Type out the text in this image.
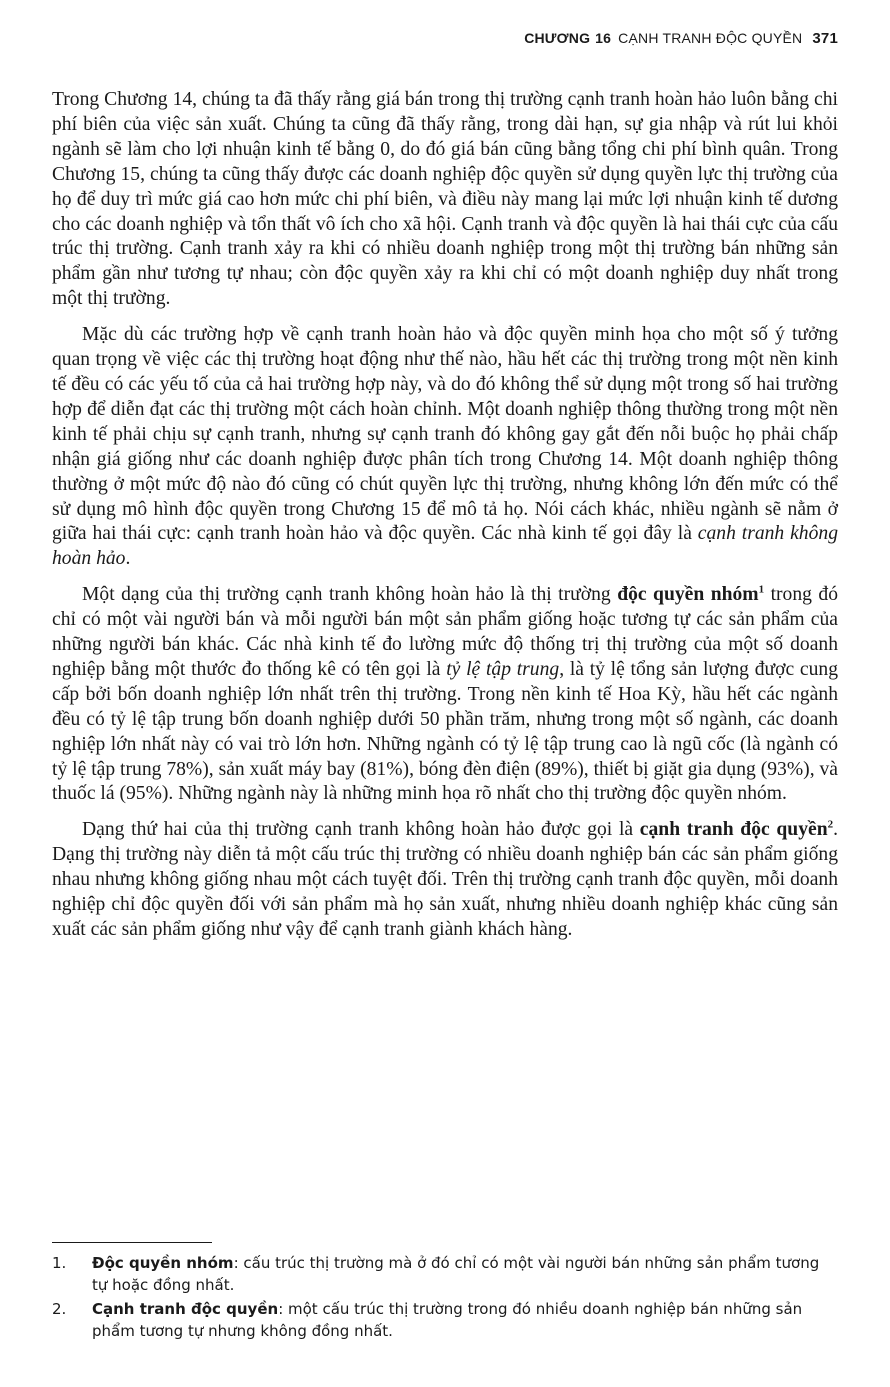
CHƯƠNG 16 CẠNH TRANH ĐỘC QUYỀN 371

Trong Chương 14, chúng ta đã thấy rằng giá bán trong thị trường cạnh tranh hoàn hảo luôn bằng chi phí biên của việc sản xuất. Chúng ta cũng đã thấy rằng, trong dài hạn, sự gia nhập và rút lui khỏi ngành sẽ làm cho lợi nhuận kinh tế bằng 0, do đó giá bán cũng bằng tổng chi phí bình quân. Trong Chương 15, chúng ta cũng thấy được các doanh nghiệp độc quyền sử dụng quyền lực thị trường của họ để duy trì mức giá cao hơn mức chi phí biên, và điều này mang lại mức lợi nhuận kinh tế dương cho các doanh nghiệp và tổn thất vô ích cho xã hội. Cạnh tranh và độc quyền là hai thái cực của cấu trúc thị trường. Cạnh tranh xảy ra khi có nhiều doanh nghiệp trong một thị trường bán những sản phẩm gần như tương tự nhau; còn độc quyền xảy ra khi chỉ có một doanh nghiệp duy nhất trong một thị trường.

Mặc dù các trường hợp về cạnh tranh hoàn hảo và độc quyền minh họa cho một số ý tưởng quan trọng về việc các thị trường hoạt động như thế nào, hầu hết các thị trường trong một nền kinh tế đều có các yếu tố của cả hai trường hợp này, và do đó không thể sử dụng một trong số hai trường hợp để diễn đạt các thị trường một cách hoàn chỉnh. Một doanh nghiệp thông thường trong một nền kinh tế phải chịu sự cạnh tranh, nhưng sự cạnh tranh đó không gay gắt đến nỗi buộc họ phải chấp nhận giá giống như các doanh nghiệp được phân tích trong Chương 14. Một doanh nghiệp thông thường ở một mức độ nào đó cũng có chút quyền lực thị trường, nhưng không lớn đến mức có thể sử dụng mô hình độc quyền trong Chương 15 để mô tả họ. Nói cách khác, nhiều ngành sẽ nằm ở giữa hai thái cực: cạnh tranh hoàn hảo và độc quyền. Các nhà kinh tế gọi đây là cạnh tranh không hoàn hảo.

Một dạng của thị trường cạnh tranh không hoàn hảo là thị trường độc quyền nhóm$^1$ trong đó chỉ có một vài người bán và mỗi người bán một sản phẩm giống hoặc tương tự các sản phẩm của những người bán khác. Các nhà kinh tế đo lường mức độ thống trị thị trường của một số doanh nghiệp bằng một thước đo thống kê có tên gọi là tỷ lệ tập trung, là tỷ lệ tổng sản lượng được cung cấp bởi bốn doanh nghiệp lớn nhất trên thị trường. Trong nền kinh tế Hoa Kỳ, hầu hết các ngành đều có tỷ lệ tập trung bốn doanh nghiệp dưới 50 phần trăm, nhưng trong một số ngành, các doanh nghiệp lớn nhất này có vai trò lớn hơn. Những ngành có tỷ lệ tập trung cao là ngũ cốc (là ngành có tỷ lệ tập trung 78%), sản xuất máy bay (81%), bóng đèn điện (89%), thiết bị giặt gia dụng (93%), và thuốc lá (95%). Những ngành này là những minh họa rõ nhất cho thị trường độc quyền nhóm.

Dạng thứ hai của thị trường cạnh tranh không hoàn hảo được gọi là cạnh tranh độc quyền$^2$. Dạng thị trường này diễn tả một cấu trúc thị trường có nhiều doanh nghiệp bán các sản phẩm giống nhau nhưng không giống nhau một cách tuyệt đối. Trên thị trường cạnh tranh độc quyền, mỗi doanh nghiệp chỉ độc quyền đối với sản phẩm mà họ sản xuất, nhưng nhiều doanh nghiệp khác cũng sản xuất các sản phẩm giống như vậy để cạnh tranh giành khách hàng.

1.	Độc quyền nhóm: cấu trúc thị trường mà ở đó chỉ có một vài người bán những sản phẩm tương tự hoặc đồng nhất.
2.	Cạnh tranh độc quyền: một cấu trúc thị trường trong đó nhiều doanh nghiệp bán những sản phẩm tương tự nhưng không đồng nhất.
